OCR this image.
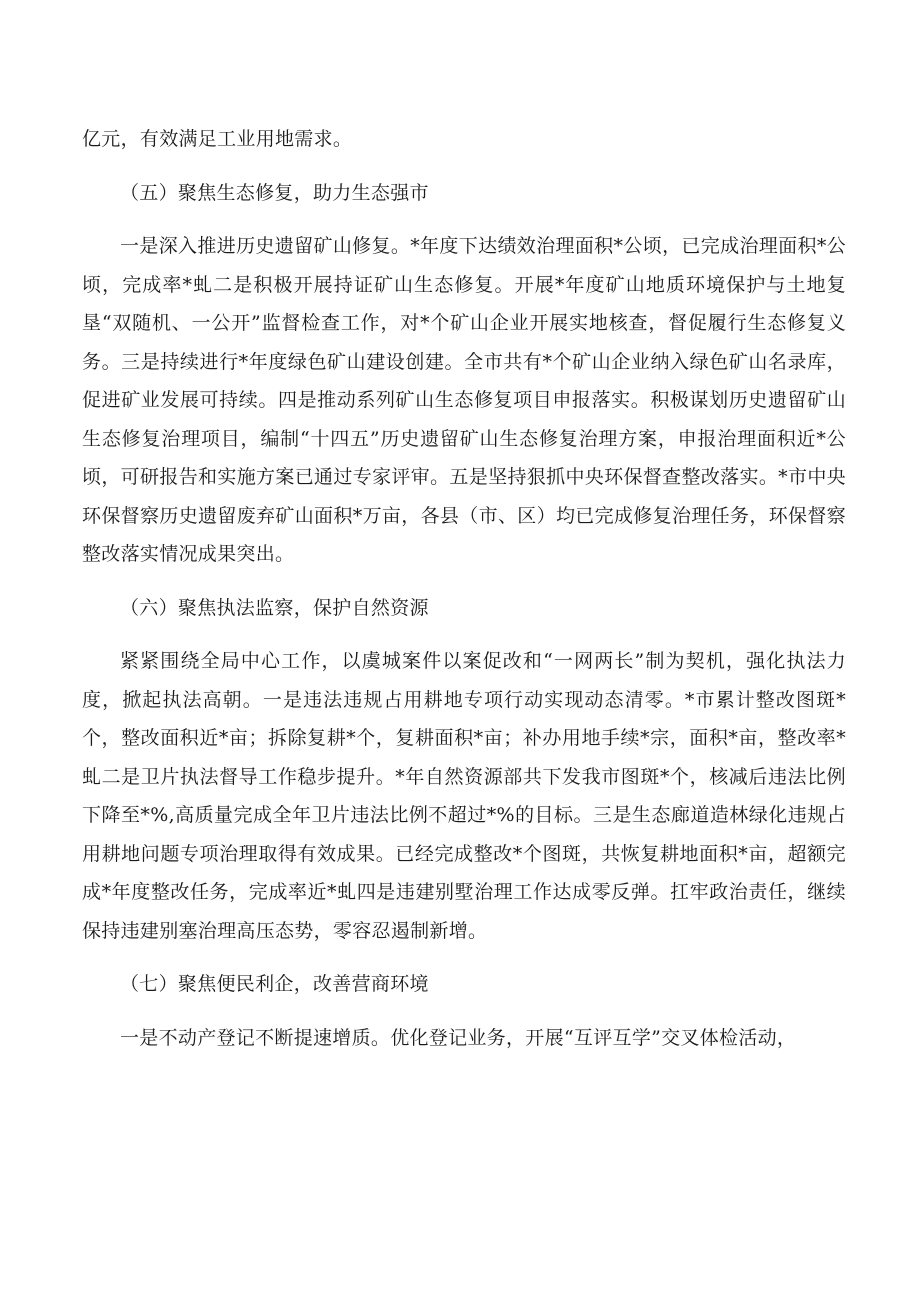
亿元，有效满足工业用地需求。

（五）聚焦生态修复，助力生态强市

一是深入推进历史遗留矿山修复。*年度下达绩效治理面积*公顷，已完成治理面积*公顷，完成率*虬二是积极开展持证矿山生态修复。开展*年度矿山地质环境保护与土地复垦“双随机、一公开”监督检查工作，对*个矿山企业开展实地核查，督促履行生态修复义务。三是持续进行*年度绿色矿山建设创建。全市共有*个矿山企业纳入绿色矿山名录库，促进矿业发展可持续。四是推动系列矿山生态修复项目申报落实。积极谋划历史遗留矿山生态修复治理项目，编制“十四五”历史遗留矿山生态修复治理方案，申报治理面积近*公顷，可研报告和实施方案已通过专家评审。五是坚持狠抓中央环保督查整改落实。*市中央环保督察历史遗留废弃矿山面积*万亩，各县（市、区）均已完成修复治理任务，环保督察整改落实情况成果突出。

（六）聚焦执法监察，保护自然资源

紧紧围绕全局中心工作，以虞城案件以案促改和“一网两长”制为契机，强化执法力度，掀起执法高朝。一是违法违规占用耕地专项行动实现动态清零。*市累计整改图斑*个，整改面积近*亩；拆除复耕*个，复耕面积*亩；补办用地手续*宗，面积*亩，整改率*虬二是卫片执法督导工作稳步提升。*年自然资源部共下发我市图斑*个，核减后违法比例下降至*%,高质量完成全年卫片违法比例不超过*%的目标。三是生态廊道造林绿化违规占用耕地问题专项治理取得有效成果。已经完成整改*个图斑，共恢复耕地面积*亩，超额完成*年度整改任务，完成率近*虬四是违建别墅治理工作达成零反弹。扛牢政治责任，继续保持违建别塞治理高压态势，零容忍遏制新增。

（七）聚焦便民利企，改善营商环境

一是不动产登记不断提速增质。优化登记业务，开展“互评互学”交叉体检活动，
